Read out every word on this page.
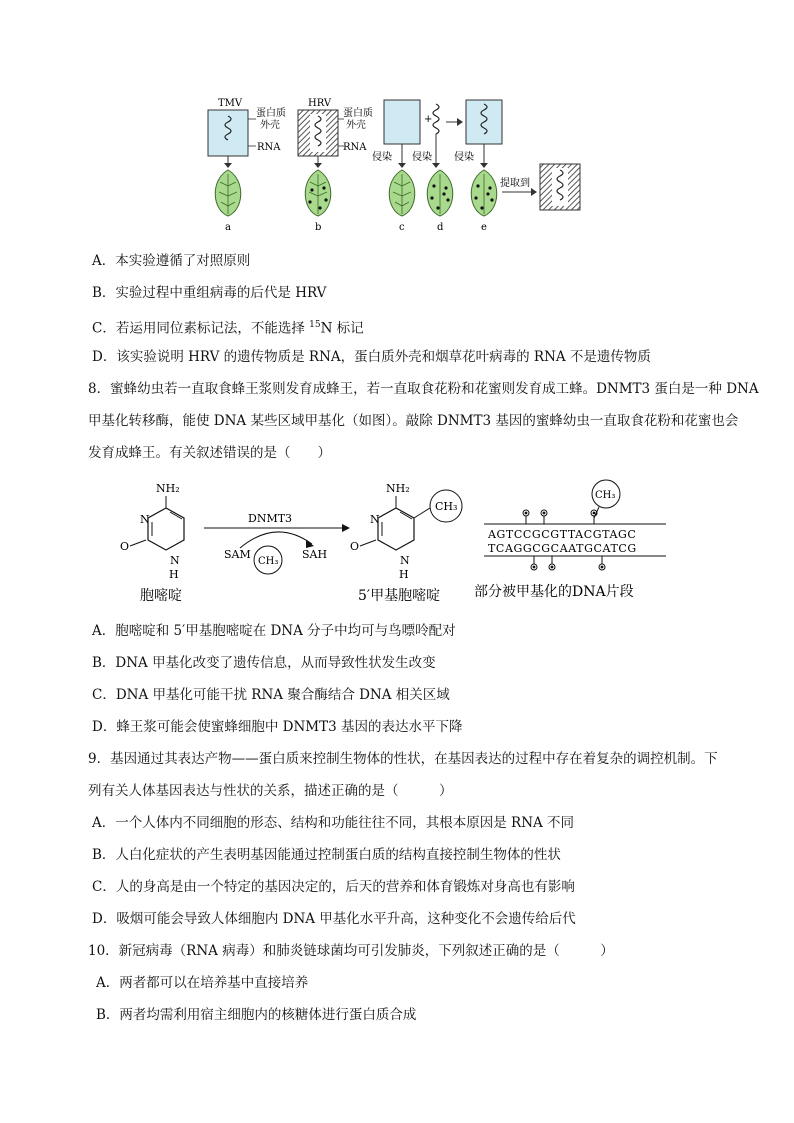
TMV
蛋白质
外壳
RNA
HRV
蛋白质
外壳
RNA
+
侵染 侵染 侵染
提取到
a	b	c	d	e
A．本实验遵循了对照原则
B．实验过程中重组病毒的后代是 HRV
C．若运用同位素标记法，不能选择 $^{15}$N 标记
D．该实验说明 HRV 的遗传物质是 RNA，蛋白质外壳和烟草花叶病毒的 RNA 不是遗传物质
8．蜜蜂幼虫若一直取食蜂王浆则发育成蜂王，若一直取食花粉和花蜜则发育成工蜂。DNMT3 蛋白是一种 DNA
甲基化转移酶，能使 DNA 某些区域甲基化（如图）。敲除 DNMT3 基因的蜜蜂幼虫一直取食花粉和花蜜也会
发育成蜂王。有关叙述错误的是（　　）
NH₂
N
O
N
H
胞嘧啶
DNMT3
SAM
CH₃
SAH
NH₂
N
O
N
H
CH₃
5′甲基胞嘧啶
CH₃
AGTCCGCGTTACGTAGC
TCAGGCGCAATGCATCG
部分被甲基化的DNA片段
A．胞嘧啶和 5′甲基胞嘧啶在 DNA 分子中均可与鸟嘌呤配对
B．DNA 甲基化改变了遗传信息，从而导致性状发生改变
C．DNA 甲基化可能干扰 RNA 聚合酶结合 DNA 相关区域
D．蜂王浆可能会使蜜蜂细胞中 DNMT3 基因的表达水平下降
9．基因通过其表达产物——蛋白质来控制生物体的性状，在基因表达的过程中存在着复杂的调控机制。下
列有关人体基因表达与性状的关系，描述正确的是（　　　）
A．一个人体内不同细胞的形态、结构和功能往往不同，其根本原因是 RNA 不同
B．人白化症状的产生表明基因能通过控制蛋白质的结构直接控制生物体的性状
C．人的身高是由一个特定的基因决定的，后天的营养和体育锻炼对身高也有影响
D．吸烟可能会导致人体细胞内 DNA 甲基化水平升高，这种变化不会遗传给后代
10．新冠病毒（RNA 病毒）和肺炎链球菌均可引发肺炎，下列叙述正确的是（　　　）
A．两者都可以在培养基中直接培养
B．两者均需利用宿主细胞内的核糖体进行蛋白质合成
